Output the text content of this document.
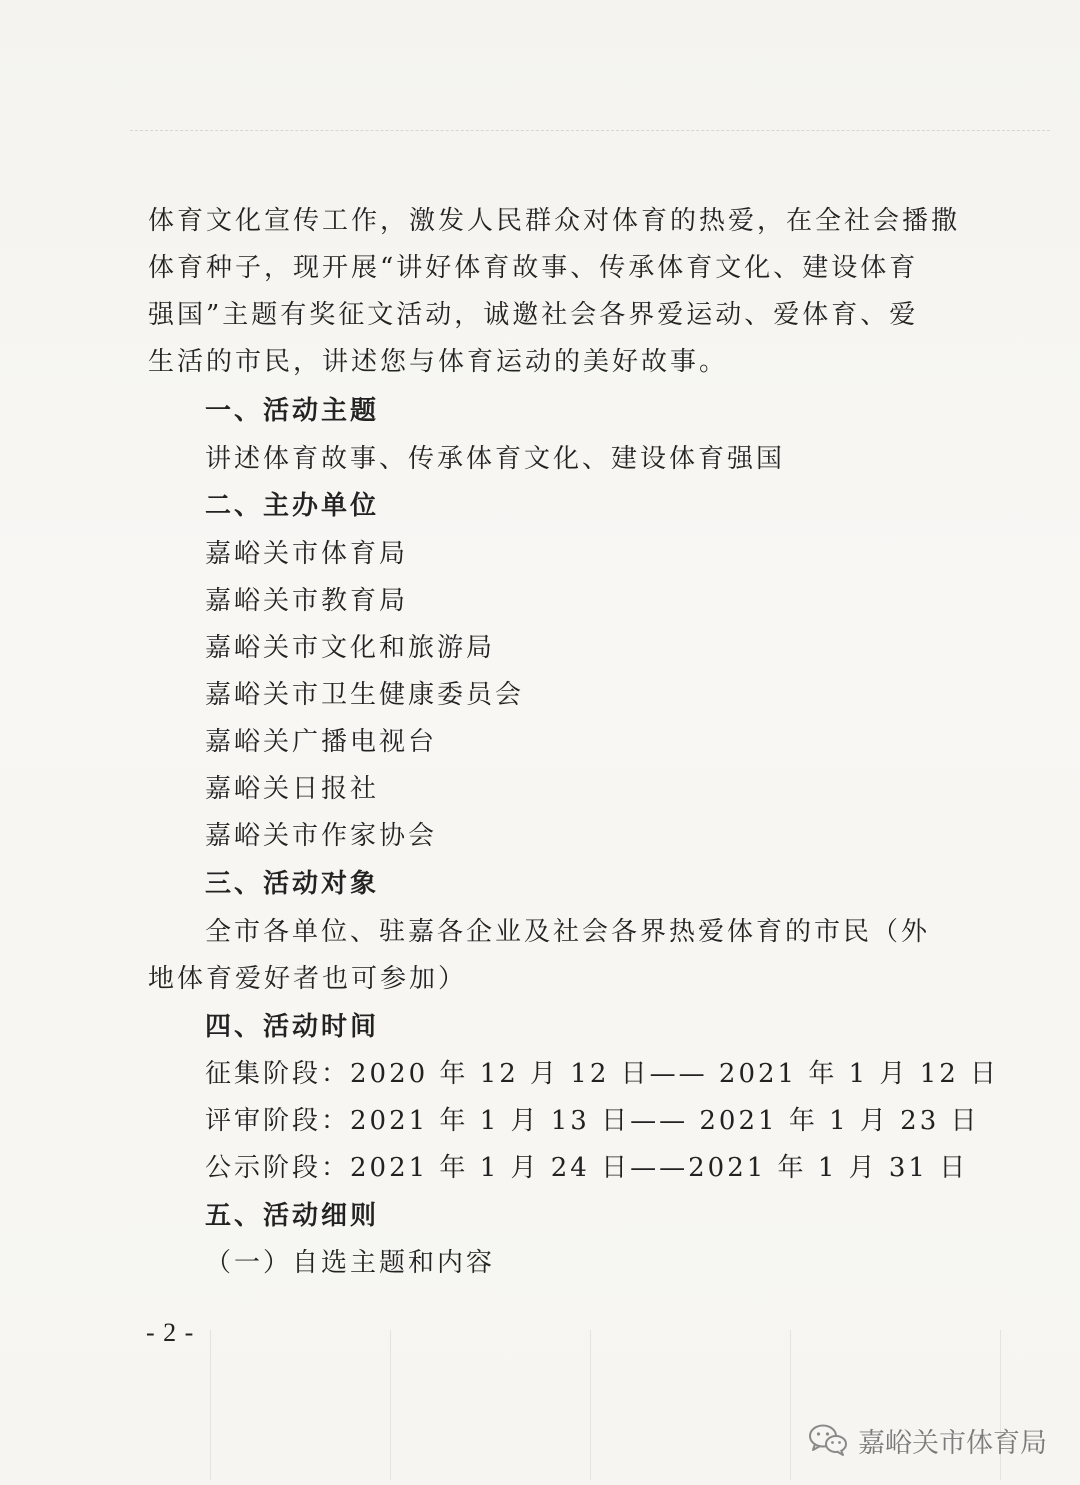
体育文化宣传工作，激发人民群众对体育的热爱，在全社会播撒
体育种子，现开展“讲好体育故事、传承体育文化、建设体育
强国”主题有奖征文活动，诚邀社会各界爱运动、爱体育、爱
生活的市民，讲述您与体育运动的美好故事。
一、活动主题
讲述体育故事、传承体育文化、建设体育强国
二、主办单位
嘉峪关市体育局
嘉峪关市教育局
嘉峪关市文化和旅游局
嘉峪关市卫生健康委员会
嘉峪关广播电视台
嘉峪关日报社
嘉峪关市作家协会
三、活动对象
全市各单位、驻嘉各企业及社会各界热爱体育的市民（外
地体育爱好者也可参加）
四、活动时间
征集阶段：2020 年 12 月 12 日—— 2021 年 1 月 12 日
评审阶段：2021 年 1 月 13 日—— 2021 年 1 月 23 日
公示阶段：2021 年 1 月 24 日——2021 年 1 月 31 日
五、活动细则
（一）自选主题和内容
- 2 -
嘉峪关市体育局
